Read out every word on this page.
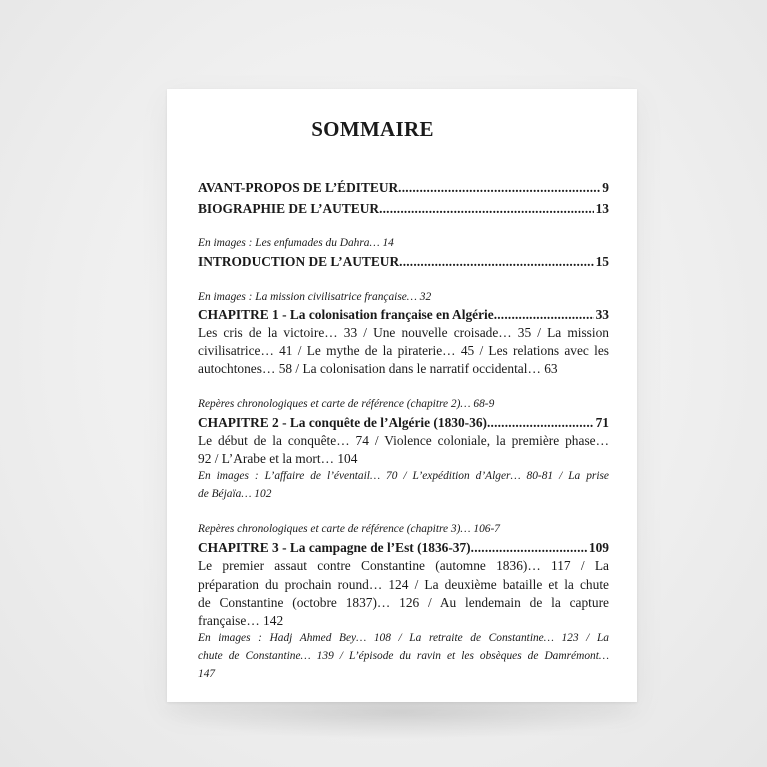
SOMMAIRE
AVANT-PROPOS DE L’ÉDITEUR .....	9
BIOGRAPHIE DE L’AUTEUR .....	13
En images : Les enfumades du Dahra… 14
INTRODUCTION DE L’AUTEUR .....	15
En images : La mission civilisatrice française… 32
CHAPITRE 1 - La colonisation française en Algérie .....	33
Les cris de la victoire… 33 / Une nouvelle croisade… 35 / La mission
civilisatrice… 41 / Le mythe de la piraterie… 45 / Les relations avec les
autochtones… 58 / La colonisation dans le narratif occidental… 63
Repères chronologiques et carte de référence (chapitre 2)… 68-9
CHAPITRE 2 - La conquête de l’Algérie (1830-36) .....	71
Le début de la conquête… 74 / Violence coloniale, la première phase…
92 / L’Arabe et la mort… 104
En images : L’affaire de l’éventail… 70 / L’expédition d’Alger… 80-81 / La prise
de Béjaïa… 102
Repères chronologiques et carte de référence (chapitre 3)… 106-7
CHAPITRE 3 - La campagne de l’Est (1836-37) .....	109
Le premier assaut contre Constantine (automne 1836)… 117 / La
préparation du prochain round… 124 / La deuxième bataille et la chute
de Constantine (octobre 1837)… 126 / Au lendemain de la capture
française… 142
En images : Hadj Ahmed Bey… 108 / La retraite de Constantine… 123 / La
chute de Constantine… 139 / L’épisode du ravin et les obsèques de Damrémont…
147
